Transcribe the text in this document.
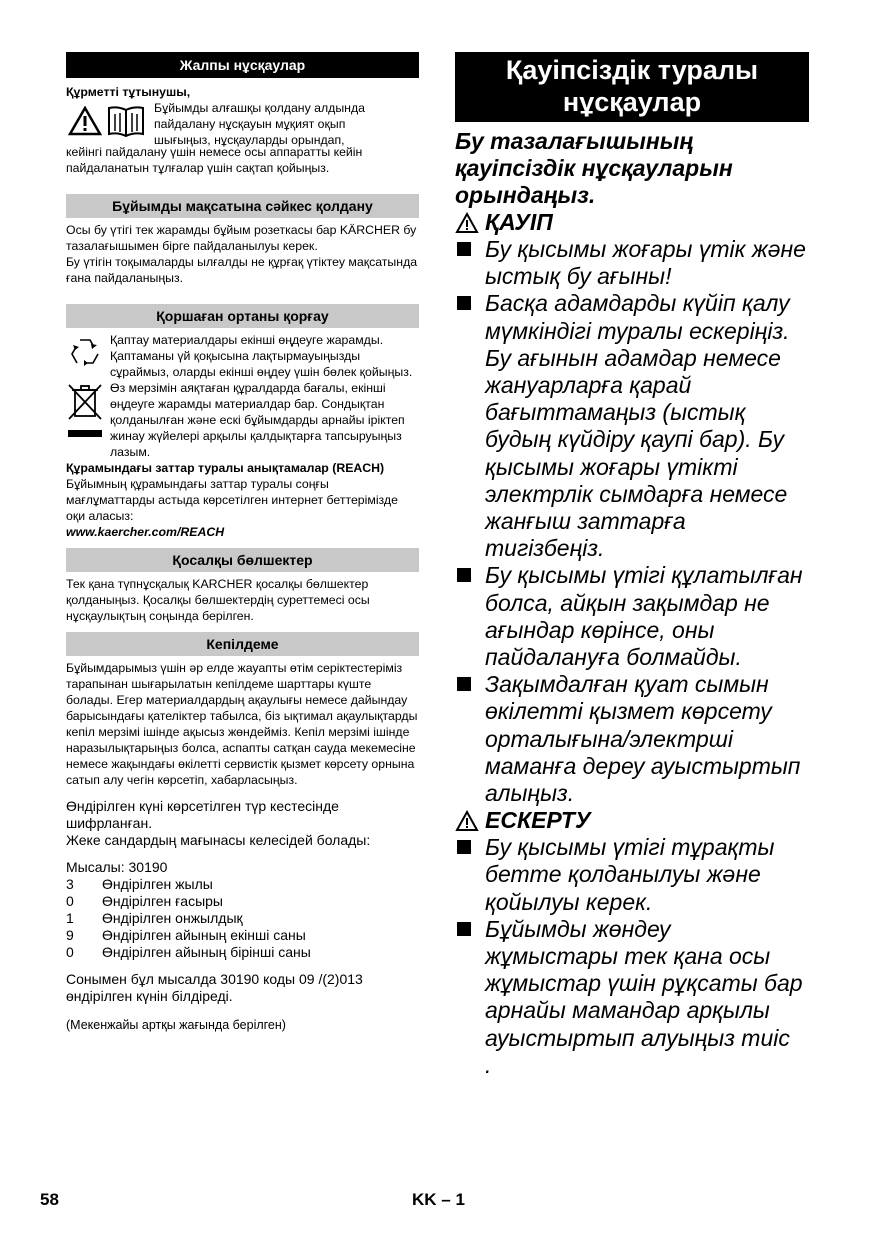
Жалпы нұсқаулар

Құрметті тұтынушы,

Бұйымды алғашқы қолдану алдында

пайдалану нұсқауын мұқият оқып

шығыңыз, нұсқауларды орындап,

кейінгі пайдалану үшін немесе осы аппаратты кейін пайдаланатын тұлғалар үшін сақтап қойыңыз.

Бұйымды мақсатына сәйкес қолдану

Осы бу үтігі тек жарамды бұйым розеткасы бар KÄRCHER бу тазалағышымен бірге пайдаланылуы керек.

Бу үтігін тоқымаларды ылғалды не құрғақ үтіктеу мақсатында ғана пайдаланыңыз.

Қоршаған ортаны қорғау

Қаптау материалдары екінші өңдеуге жарамды. Қаптаманы үй қоқысына лақтырмауыңызды сұраймыз, оларды екінші өңдеу үшін бөлек қойыңыз.

Өз мерзімін аяқтаған құралдарда бағалы, екінші өңдеуге жарамды материалдар бар. Сондықтан қолданылған және ескі бұйымдарды арнайы іріктеп жинау жүйелері арқылы қалдықтарға тапсыруыңыз лазым.

Құрамындағы заттар туралы анықтамалар (REACH)

Бұйымның құрамындағы заттар туралы соңғы мағлұматтарды астыда көрсетілген интернет беттерімізде оқи аласыз:

www.kaercher.com/REACH

Қосалқы бөлшектер

Тек қана түпнұсқалық KARCHER қосалқы бөлшектер қолданыңыз. Қосалқы бөлшектердің суреттемесі осы нұсқаулықтың соңында берілген.

Кепілдеме

Бұйымдарымыз үшін әр елде жауапты өтім серіктестеріміз тарапынан шығарылатын кепілдеме шарттары күште болады. Егер материалдардың ақаулығы немесе дайындау барысындағы қателіктер табылса, біз ықтимал ақаулықтарды кепіл мерзімі ішінде ақысыз жөндейміз. Кепіл мерзімі ішінде наразылықтарыңыз болса, аспапты сатқан сауда мекемесіне немесе жақындағы өкілетті сервистік қызмет көрсету орнына сатып алу чегін көрсетіп, хабарласыңыз.

Өндірілген күні көрсетілген түр кестесінде шифрланған.

Жеке сандардың мағынасы келесідей болады:

Мысалы: 30190

3	Өндірілген жылы
0	Өндірілген ғасыры
1	Өндірілген онжылдық
9	Өндірілген айының екінші саны
0	Өндірілген айының бірінші саны

Сонымен бұл мысалда 30190 коды 09 /(2)013 өндірілген күнін білдіреді.

(Мекенжайы артқы жағында берілген)

Қауіпсіздік туралы нұсқаулар

Бу тазалағышының қауіпсіздік нұсқауларын орындаңыз.

ҚАУІП
Бу қысымы жоғары үтік және ыстық бу ағыны!
Басқа адамдарды күйіп қалу мүмкіндігі туралы ескеріңіз. Бу ағынын адамдар немесе жануарларға қарай бағыттамаңыз (ыстық будың күйдіру қаупі бар). Бу қысымы жоғары үтікті электрлік сымдарға немесе жанғыш заттарға тигізбеңіз.
Бу қысымы үтігі құлатылған болса, айқын зақымдар не ағындар көрінсе, оны пайдалануға болмайды.
Зақымдалған қуат сымын өкілетті қызмет көрсету орталығына/электрші маманға дереу ауыстыртып алыңыз.
ЕСКЕРТУ
Бу қысымы үтігі тұрақты бетте қолданылуы және қойылуы керек.
Бұйымды жөндеу жұмыстары тек қана осы жұмыстар үшін рұқсаты бар арнайы мамандар арқылы ауыстыртып алуыңыз тиіс

.

58	KK – 1
